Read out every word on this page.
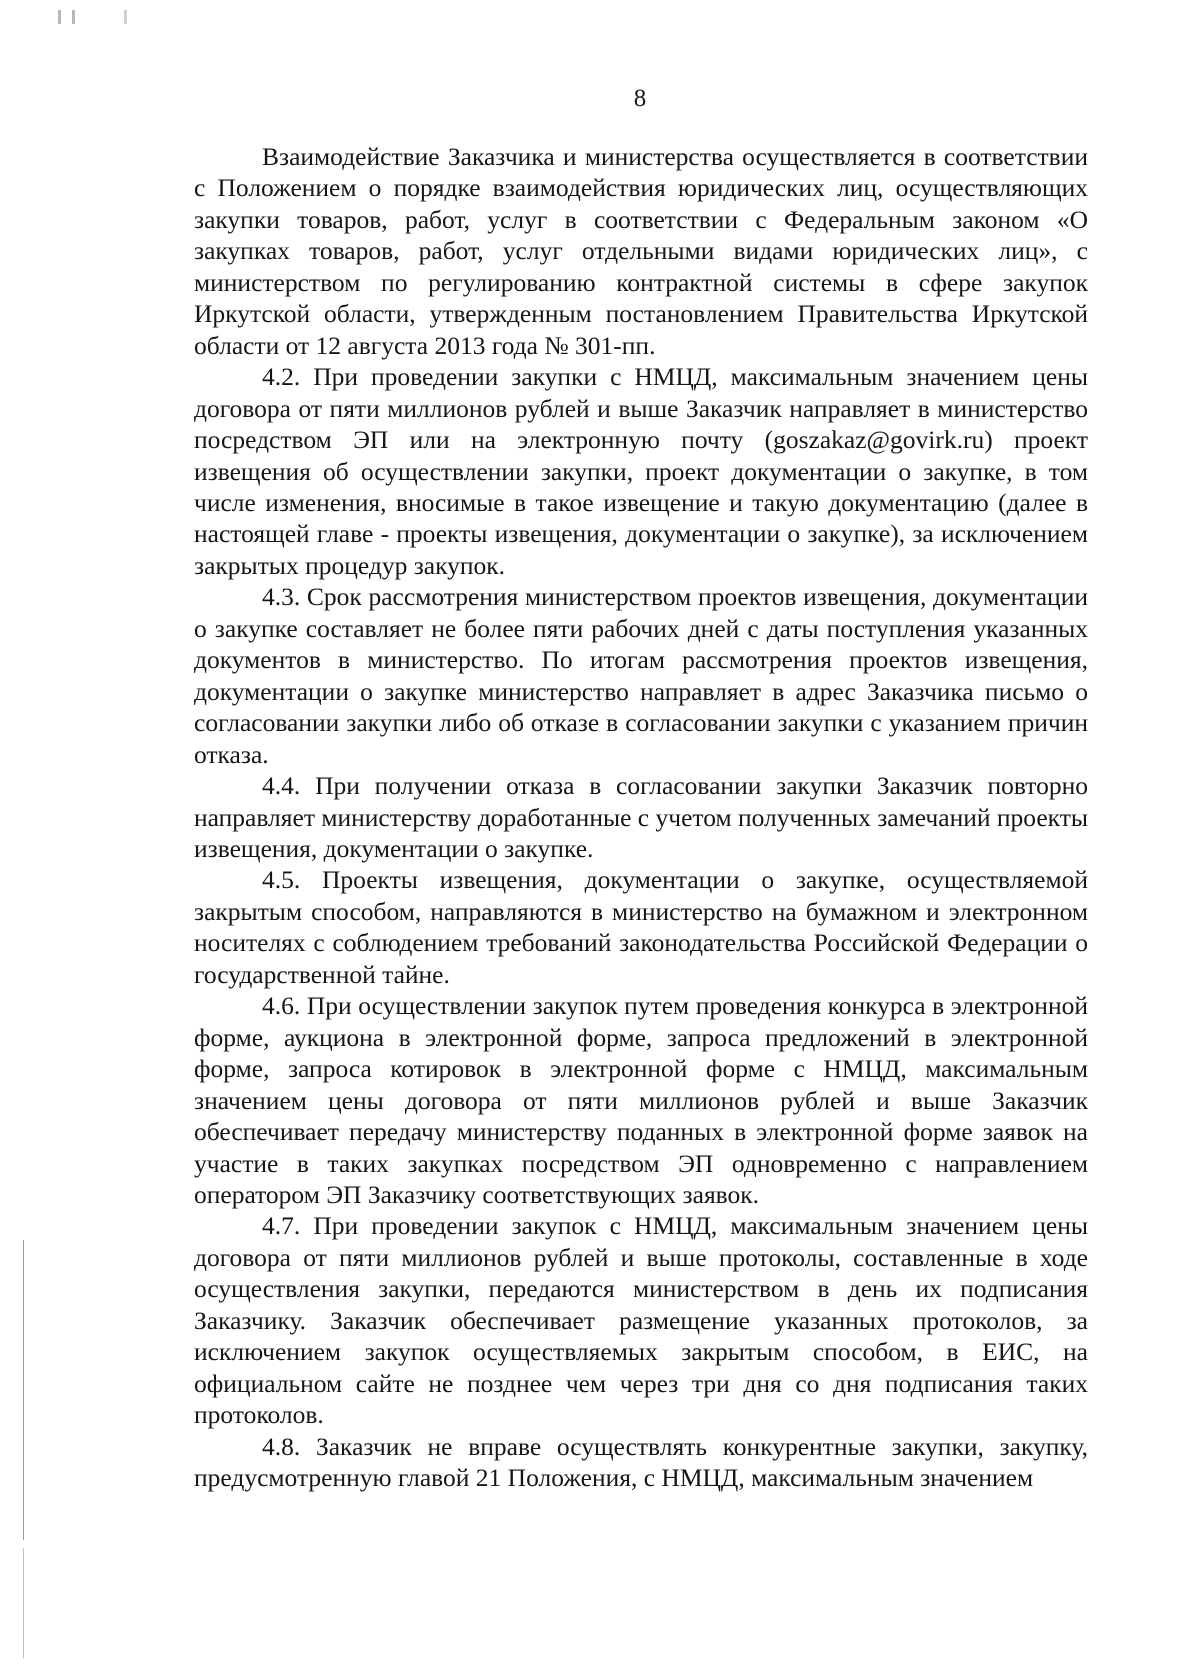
8

Взаимодействие Заказчика и министерства осуществляется в соответствии с Положением о порядке взаимодействия юридических лиц, осуществляющих закупки товаров, работ, услуг в соответствии с Федеральным законом «О закупках товаров, работ, услуг отдельными видами юридических лиц», с министерством по регулированию контрактной системы в сфере закупок Иркутской области, утвержденным постановлением Правительства Иркутской области от 12 августа 2013 года № 301-пп.

4.2. При проведении закупки с НМЦД, максимальным значением цены договора от пяти миллионов рублей и выше Заказчик направляет в министерство посредством ЭП или на электронную почту (goszakaz@govirk.ru) проект извещения об осуществлении закупки, проект документации о закупке, в том числе изменения, вносимые в такое извещение и такую документацию (далее в настоящей главе - проекты извещения, документации о закупке), за исключением закрытых процедур закупок.

4.3. Срок рассмотрения министерством проектов извещения, документации о закупке составляет не более пяти рабочих дней с даты поступления указанных документов в министерство. По итогам рассмотрения проектов извещения, документации о закупке министерство направляет в адрес Заказчика письмо о согласовании закупки либо об отказе в согласовании закупки с указанием причин отказа.

4.4. При получении отказа в согласовании закупки Заказчик повторно направляет министерству доработанные с учетом полученных замечаний проекты извещения, документации о закупке.

4.5. Проекты извещения, документации о закупке, осуществляемой закрытым способом, направляются в министерство на бумажном и электронном носителях с соблюдением требований законодательства Российской Федерации о государственной тайне.

4.6. При осуществлении закупок путем проведения конкурса в электронной форме, аукциона в электронной форме, запроса предложений в электронной форме, запроса котировок в электронной форме с НМЦД, максимальным значением цены договора от пяти миллионов рублей и выше Заказчик обеспечивает передачу министерству поданных в электронной форме заявок на участие в таких закупках посредством ЭП одновременно с направлением оператором ЭП Заказчику соответствующих заявок.

4.7. При проведении закупок с НМЦД, максимальным значением цены договора от пяти миллионов рублей и выше протоколы, составленные в ходе осуществления закупки, передаются министерством в день их подписания Заказчику. Заказчик обеспечивает размещение указанных протоколов, за исключением закупок осуществляемых закрытым способом, в ЕИС, на официальном сайте не позднее чем через три дня со дня подписания таких протоколов.

4.8. Заказчик не вправе осуществлять конкурентные закупки, закупку, предусмотренную главой 21 Положения, с НМЦД, максимальным значением
